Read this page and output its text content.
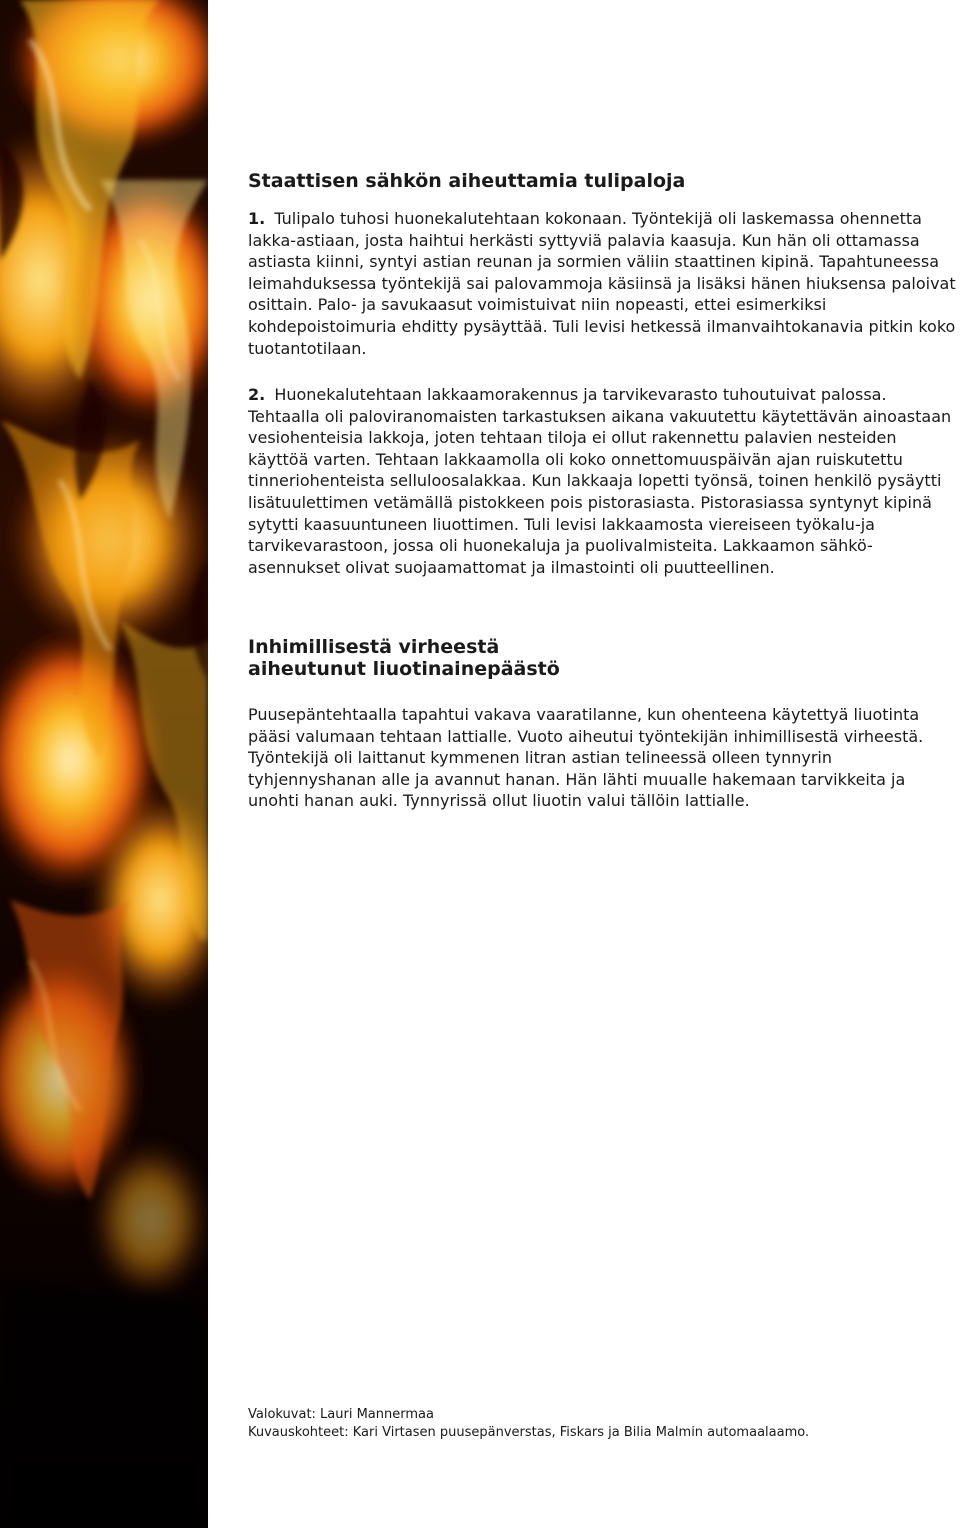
Staattisen sähkön aiheuttamia tulipaloja
1. Tulipalo tuhosi huonekalutehtaan kokonaan. Työntekijä oli laskemassa ohennetta lakka-astiaan, josta haihtui herkästi syttyviä palavia kaasuja. Kun hän oli ottamassa astiasta kiinni, syntyi astian reunan ja sormien väliin staattinen kipinä. Tapahtuneessa leimahduksessa työntekijä sai palovammoja käsiinsä ja lisäksi hänen hiuksensa paloivat osittain. Palo- ja savukaasut voimistuivat niin nopeasti, ettei esimerkiksi kohdepoistoimuria ehditty pysäyttää. Tuli levisi hetkessä ilmanvaihtokanavia pitkin koko tuotantotilaan.
2. Huonekalutehtaan lakkaamorakennus ja tarvikevarasto tuhoutuivat palossa. Tehtaalla oli paloviranomaisten tarkastuksen aikana vakuutettu käytettävän ainoastaan vesiohenteisia lakkoja, joten tehtaan tiloja ei ollut rakennettu palavien nesteiden käyttöä varten. Tehtaan lakkaamolla oli koko onnettomuuspäivän ajan ruiskutettu tinneriohenteista selluloosalakkaa. Kun lakkaaja lopetti työnsä, toinen henkilö pysäytti lisätuulettimen vetämällä pistokkeen pois pistorasiasta. Pistorasiassa syntynyt kipinä sytytti kaasuuntuneen liuottimen. Tuli levisi lakkaamosta viereiseen työkalu-ja tarvikevarastoon, jossa oli huonekaluja ja puolivalmisteita. Lakkaamon sähkö-asennukset olivat suojaamattomat ja ilmastointi oli puutteellinen.
Inhimillisestä virheestä
aiheutunut liuotinainepäästö
Puusepäntehtaalla tapahtui vakava vaaratilanne, kun ohenteena käytettyä liuotinta pääsi valumaan tehtaan lattialle. Vuoto aiheutui työntekijän inhimillisestä virheestä. Työntekijä oli laittanut kymmenen litran astian telineessä olleen tynnyrin tyhjennyshanan alle ja avannut hanan. Hän lähti muualle hakemaan tarvikkeita ja unohti hanan auki. Tynnyrissä ollut liuotin valui tällöin lattialle.
Valokuvat: Lauri Mannermaa
Kuvauskohteet: Kari Virtasen puusepänverstas, Fiskars ja Bilia Malmin automaalaamo.
